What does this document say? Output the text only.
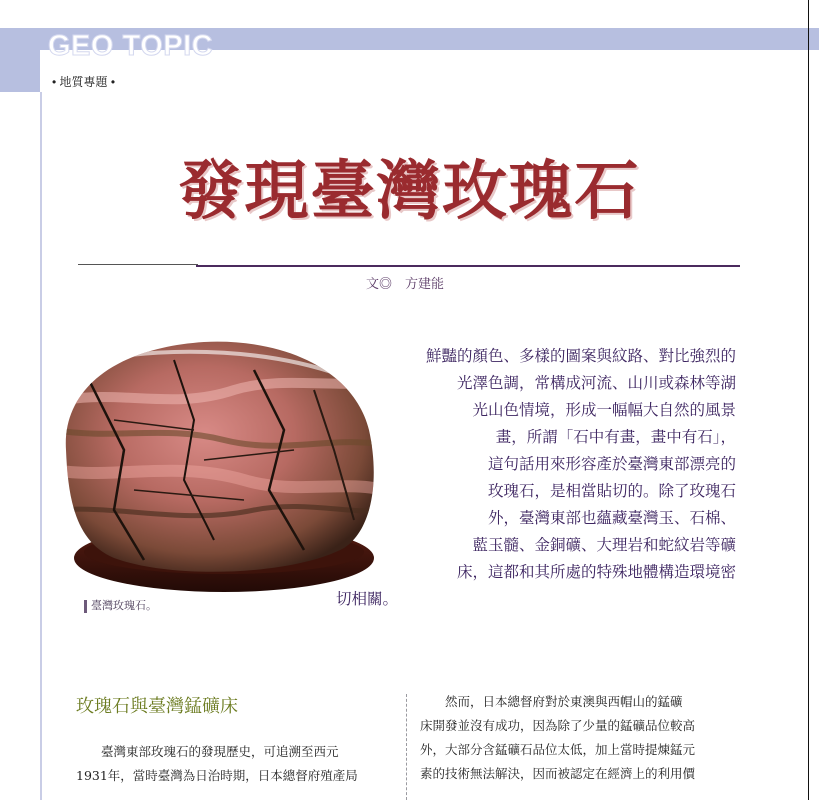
GEO TOPIC
• 地質專題 •
發現臺灣玫瑰石
文◎　方建能
臺灣玫瑰石。
鮮豔的顏色、多樣的圖案與紋路、對比強烈的
光澤色調，常構成河流、山川或森林等湖
光山色情境，形成一幅幅大自然的風景
畫，所謂「石中有畫，畫中有石」，
這句話用來形容產於臺灣東部漂亮的
玫瑰石，是相當貼切的。除了玫瑰石
外，臺灣東部也蘊藏臺灣玉、石棉、
藍玉髓、金銅礦、大理岩和蛇紋岩等礦
床，這都和其所處的特殊地體構造環境密
切相關。
玫瑰石與臺灣錳礦床
臺灣東部玫瑰石的發現歷史，可追溯至西元
1931年，當時臺灣為日治時期，日本總督府殖產局
然而，日本總督府對於東澳與西帽山的錳礦
床開發並沒有成功，因為除了少量的錳礦品位較高
外，大部分含錳礦石品位太低，加上當時提煉錳元
素的技術無法解決，因而被認定在經濟上的利用價
